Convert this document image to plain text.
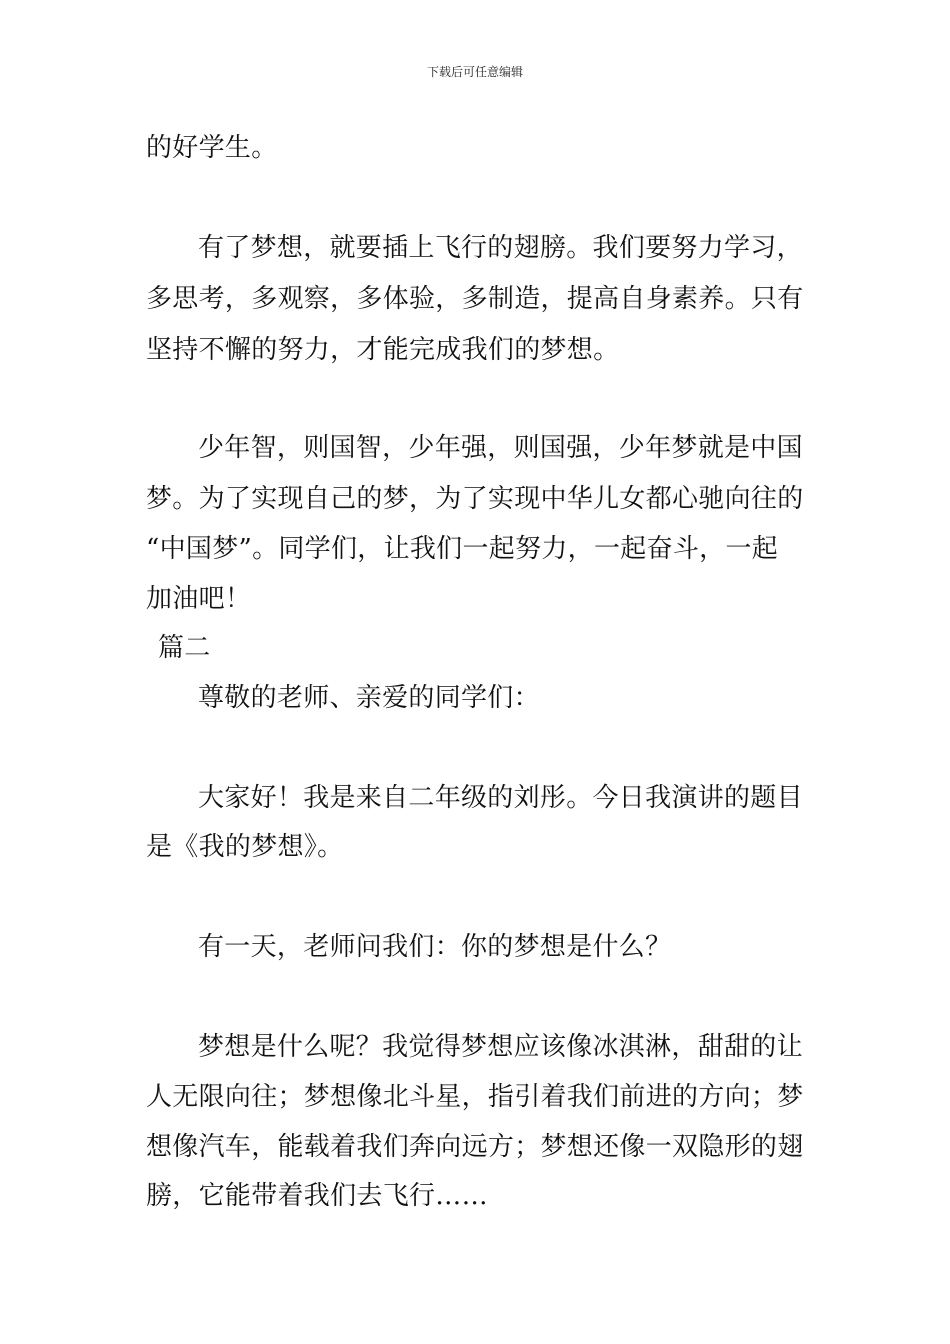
下载后可任意编辑
的好学生。
有了梦想，就要插上飞行的翅膀。我们要努力学习，
多思考，多观察，多体验，多制造，提高自身素养。只有
坚持不懈的努力，才能完成我们的梦想。
少年智，则国智，少年强，则国强，少年梦就是中国
梦。为了实现自己的梦，为了实现中华儿女都心驰向往的
“中国梦”。同学们，让我们一起努力，一起奋斗，一起
加油吧！
篇二
尊敬的老师、亲爱的同学们：
大家好！我是来自二年级的刘彤。今日我演讲的题目
是《我的梦想》。
有一天，老师问我们：你的梦想是什么？
梦想是什么呢？我觉得梦想应该像冰淇淋，甜甜的让
人无限向往；梦想像北斗星，指引着我们前进的方向；梦
想像汽车，能载着我们奔向远方；梦想还像一双隐形的翅
膀，它能带着我们去飞行……
